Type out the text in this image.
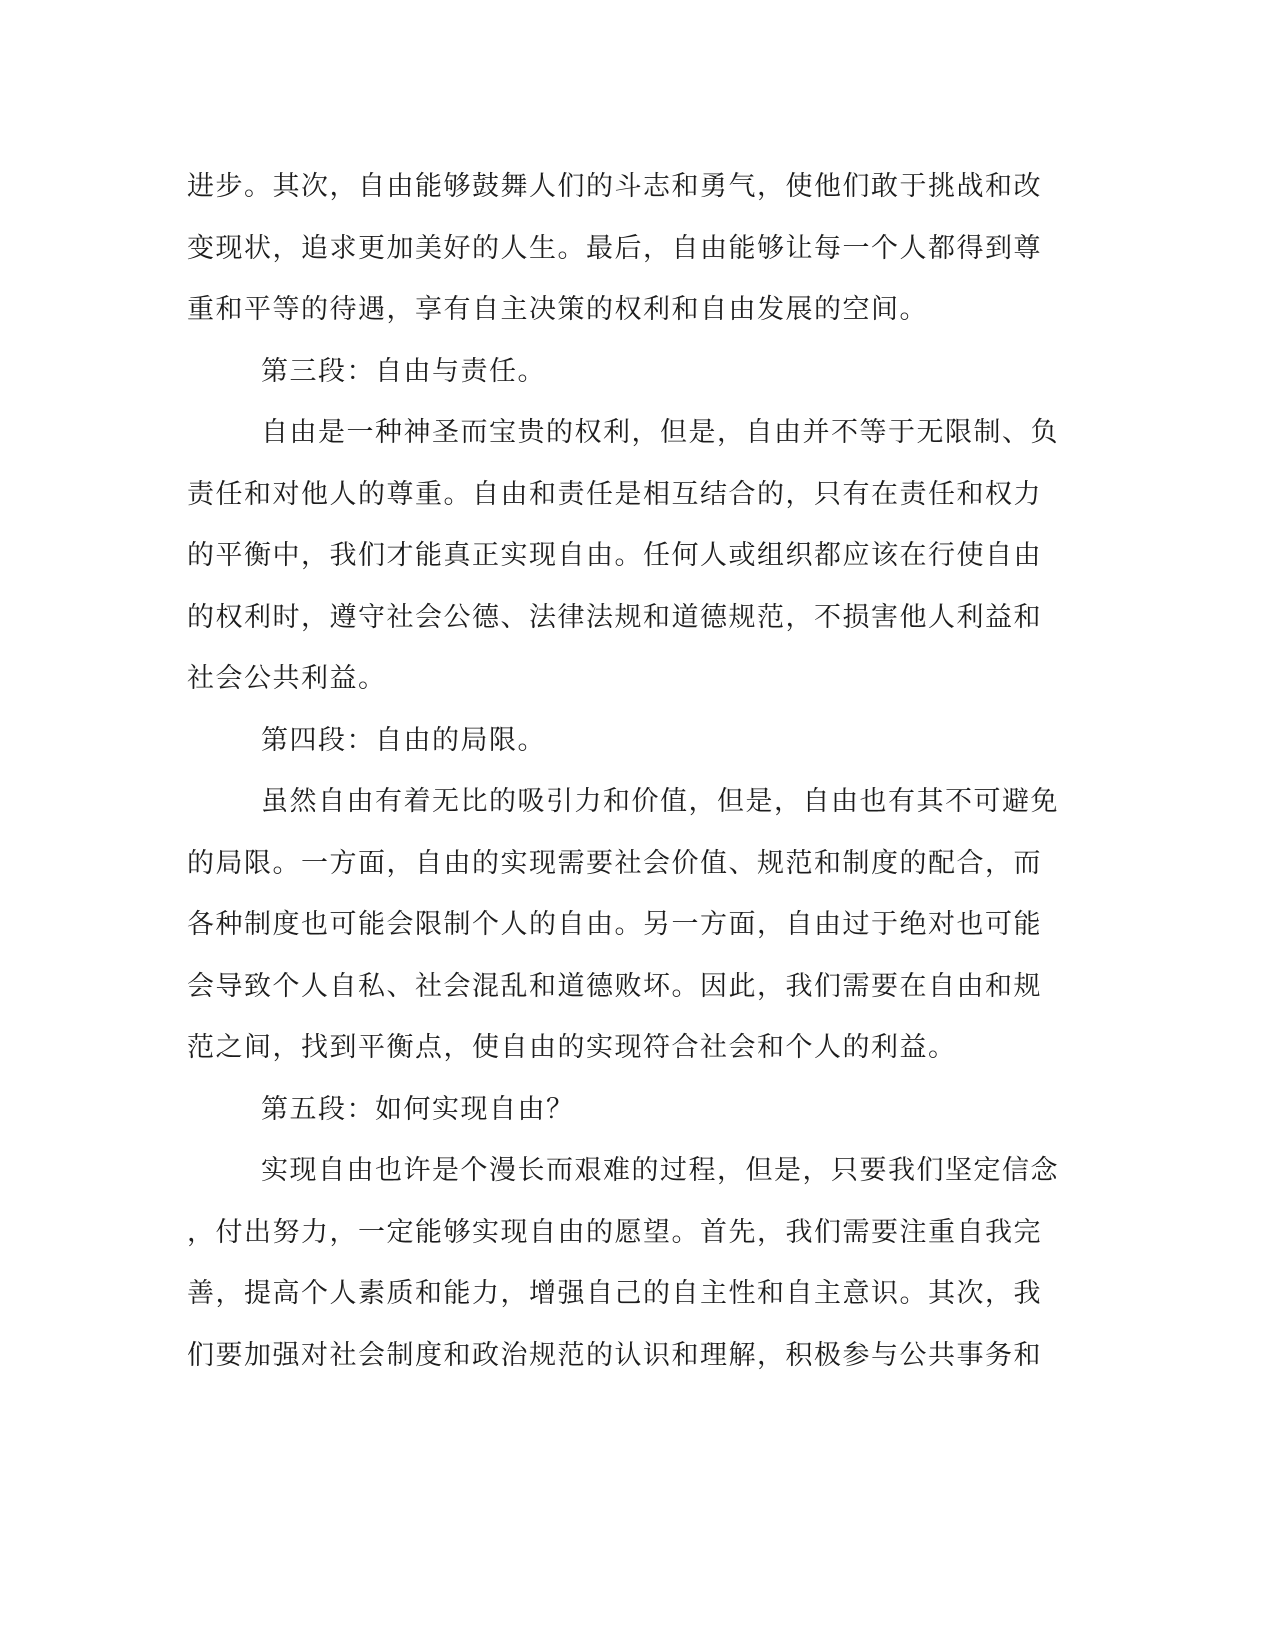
进步。其次，自由能够鼓舞人们的斗志和勇气，使他们敢于挑战和改
变现状，追求更加美好的人生。最后，自由能够让每一个人都得到尊
重和平等的待遇，享有自主决策的权利和自由发展的空间。
第三段：自由与责任。
自由是一种神圣而宝贵的权利，但是，自由并不等于无限制、负
责任和对他人的尊重。自由和责任是相互结合的，只有在责任和权力
的平衡中，我们才能真正实现自由。任何人或组织都应该在行使自由
的权利时，遵守社会公德、法律法规和道德规范，不损害他人利益和
社会公共利益。
第四段：自由的局限。
虽然自由有着无比的吸引力和价值，但是，自由也有其不可避免
的局限。一方面，自由的实现需要社会价值、规范和制度的配合，而
各种制度也可能会限制个人的自由。另一方面，自由过于绝对也可能
会导致个人自私、社会混乱和道德败坏。因此，我们需要在自由和规
范之间，找到平衡点，使自由的实现符合社会和个人的利益。
第五段：如何实现自由？
实现自由也许是个漫长而艰难的过程，但是，只要我们坚定信念
，付出努力，一定能够实现自由的愿望。首先，我们需要注重自我完
善，提高个人素质和能力，增强自己的自主性和自主意识。其次，我
们要加强对社会制度和政治规范的认识和理解，积极参与公共事务和
